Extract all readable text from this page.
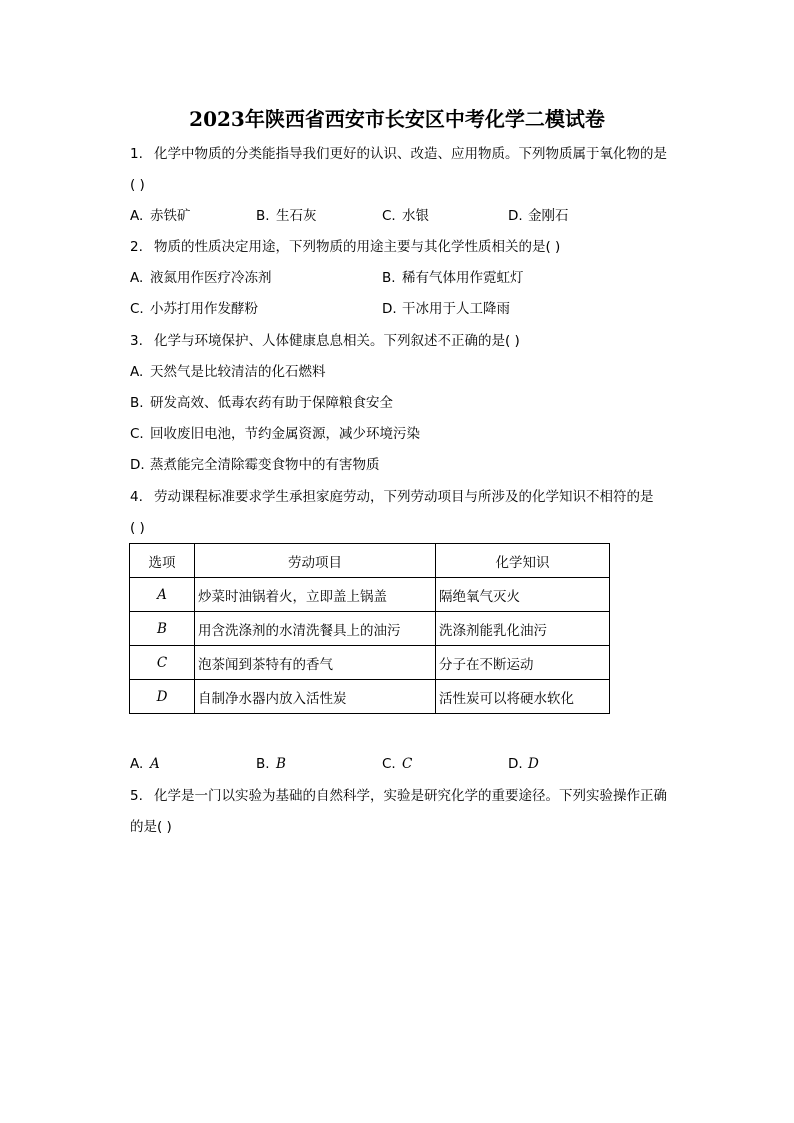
2023年陕西省西安市长安区中考化学二模试卷
1. 化学中物质的分类能指导我们更好的认识、改造、应用物质。下列物质属于氧化物的是
( )
A. 赤铁矿	B. 生石灰	C. 水银	D. 金刚石
2. 物质的性质决定用途，下列物质的用途主要与其化学性质相关的是( )
A. 液氮用作医疗冷冻剂	B. 稀有气体用作霓虹灯
C. 小苏打用作发酵粉	D. 干冰用于人工降雨
3. 化学与环境保护、人体健康息息相关。下列叙述不正确的是( )
A. 天然气是比较清洁的化石燃料
B. 研发高效、低毒农药有助于保障粮食安全
C. 回收废旧电池，节约金属资源，减少环境污染
D. 蒸煮能完全清除霉变食物中的有害物质
4. 劳动课程标准要求学生承担家庭劳动，下列劳动项目与所涉及的化学知识不相符的是
( )
选项	劳动项目	化学知识
A	炒菜时油锅着火，立即盖上锅盖	隔绝氧气灭火
B	用含洗涤剂的水清洗餐具上的油污	洗涤剂能乳化油污
C	泡茶闻到茶特有的香气	分子在不断运动
D	自制净水器内放入活性炭	活性炭可以将硬水软化
A. A	B. B	C. C	D. D
5. 化学是一门以实验为基础的自然科学，实验是研究化学的重要途径。下列实验操作正确
的是( )
